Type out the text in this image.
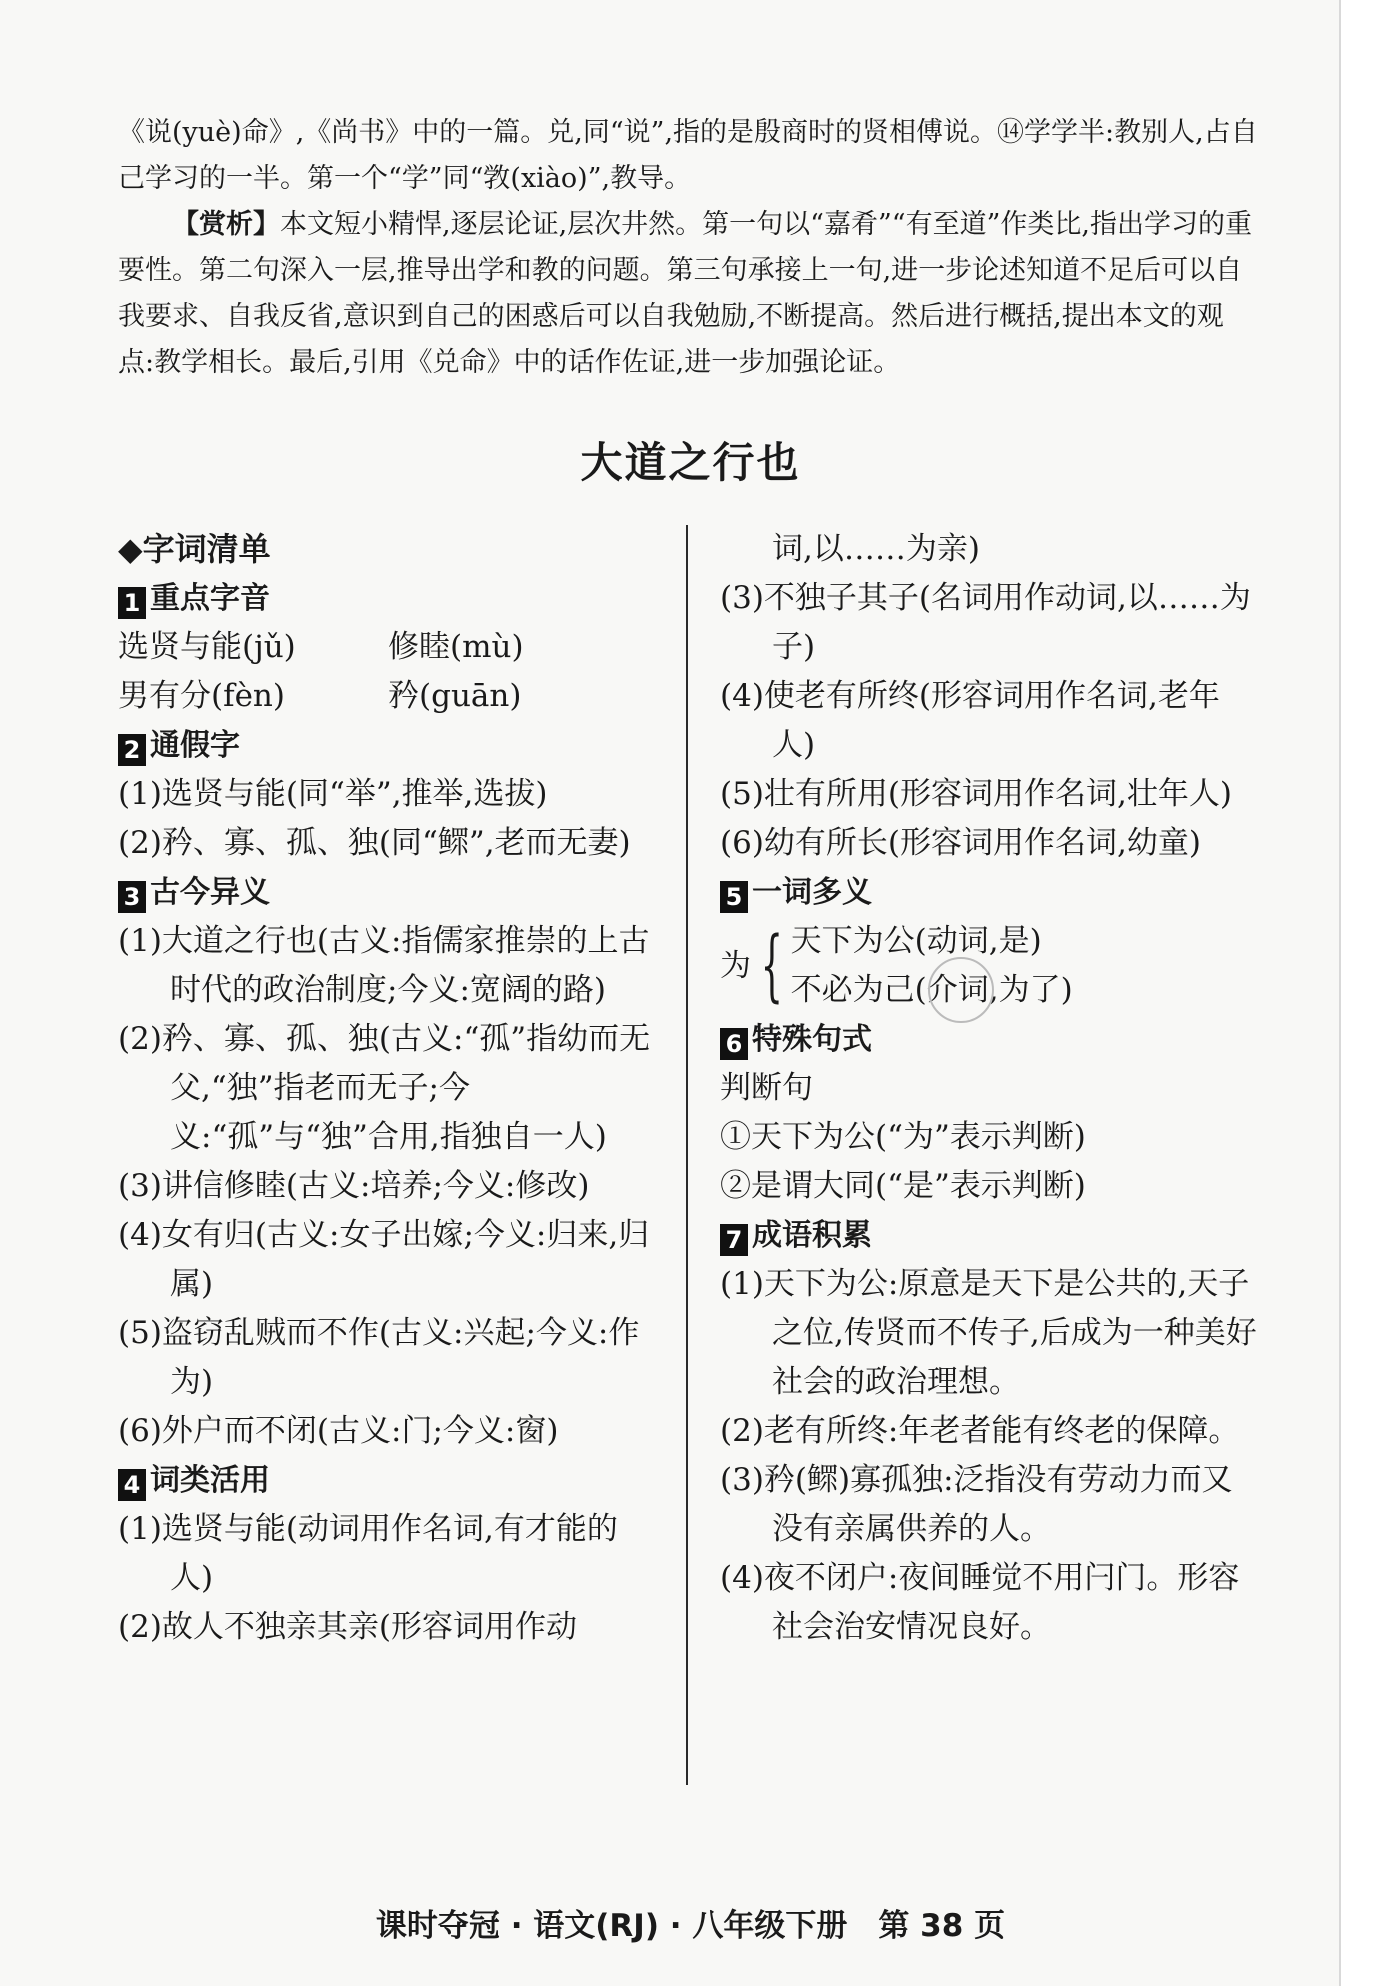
《说(yuè)命》,《尚书》中的一篇。兑,同“说”,指的是殷商时的贤相傅说。⑭学学半:教别人,占自己学习的一半。第一个“学”同“敩(xiào)”,教导。

【赏析】本文短小精悍,逐层论证,层次井然。第一句以“嘉肴”“有至道”作类比,指出学习的重要性。第二句深入一层,推导出学和教的问题。第三句承接上一句,进一步论述知道不足后可以自我要求、自我反省,意识到自己的困惑后可以自我勉励,不断提高。然后进行概括,提出本文的观点:教学相长。最后,引用《兑命》中的话作佐证,进一步加强论证。

大道之行也
◆字词清单
1 重点字音
选贤与能(jǔ)	修睦(mù)
男有分(fèn)	矜(guān)
2 通假字
(1)选贤与能(同“举”,推举,选拔)
(2)矜、寡、孤、独(同“鳏”,老而无妻)
3 古今异义
(1)大道之行也(古义:指儒家推崇的上古时代的政治制度;今义:宽阔的路)
(2)矜、寡、孤、独(古义:“孤”指幼而无父,“独”指老而无子;今义:“孤”与“独”合用,指独自一人)
(3)讲信修睦(古义:培养;今义:修改)
(4)女有归(古义:女子出嫁;今义:归来,归属)
(5)盗窃乱贼而不作(古义:兴起;今义:作为)
(6)外户而不闭(古义:门;今义:窗)
4 词类活用
(1)选贤与能(动词用作名词,有才能的人)
(2)故人不独亲其亲(形容词用作动
词,以……为亲)
(3)不独子其子(名词用作动词,以……为子)
(4)使老有所终(形容词用作名词,老年人)
(5)壮有所用(形容词用作名词,壮年人)
(6)幼有所长(形容词用作名词,幼童)
5 一词多义
为 { 天下为公(动词,是)
不必为己(介词,为了)
6 特殊句式
判断句
①天下为公(“为”表示判断)
②是谓大同(“是”表示判断)
7 成语积累
(1)天下为公:原意是天下是公共的,天子之位,传贤而不传子,后成为一种美好社会的政治理想。
(2)老有所终:年老者能有终老的保障。
(3)矜(鳏)寡孤独:泛指没有劳动力而又没有亲属供养的人。
(4)夜不闭户:夜间睡觉不用闩门。形容社会治安情况良好。
课时夺冠 · 语文(RJ) · 八年级下册　第 38 页
